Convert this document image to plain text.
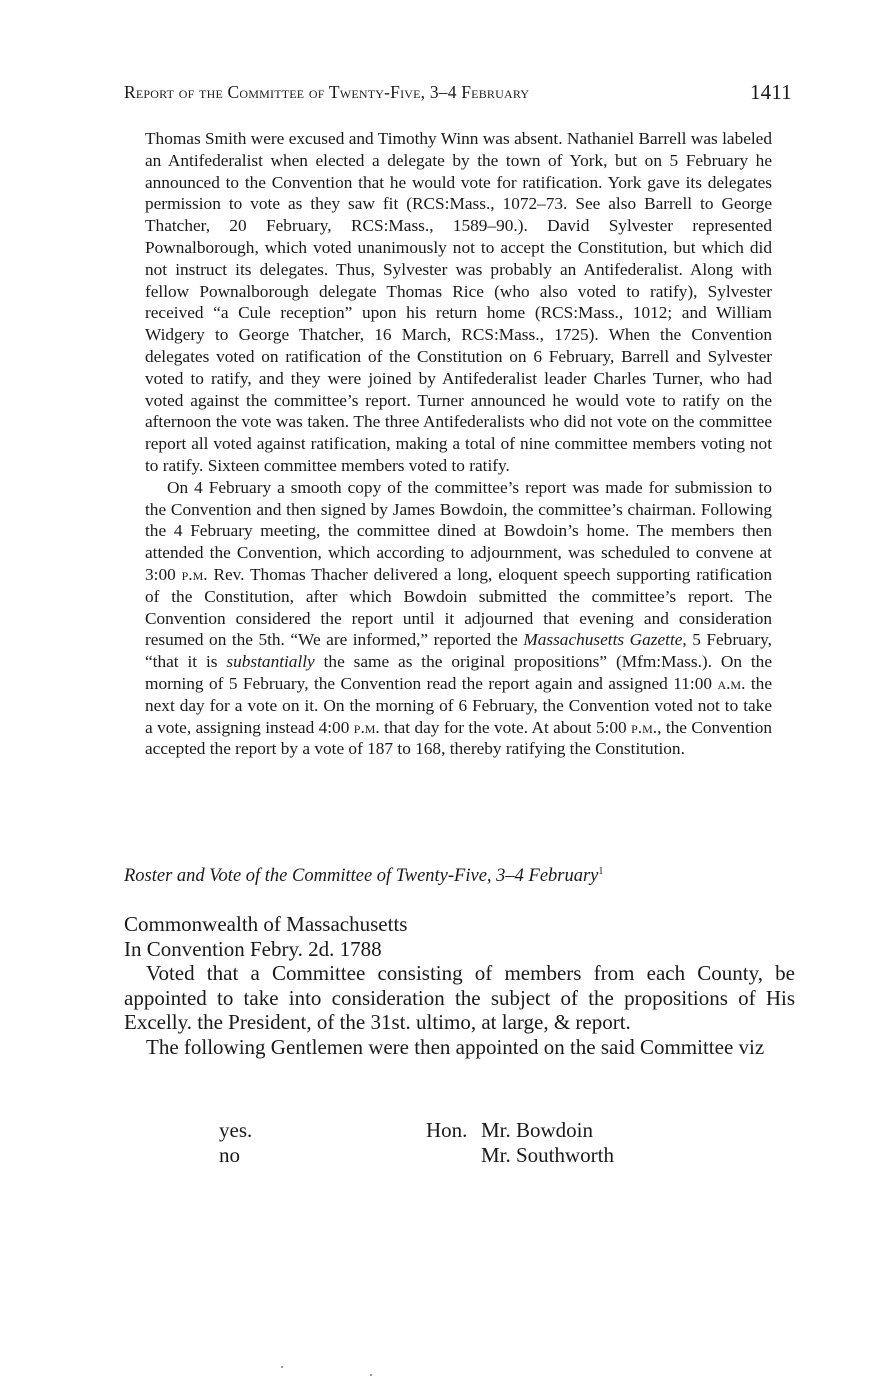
Report of the Committee of Twenty-Five, 3–4 February	1411

Thomas Smith were excused and Timothy Winn was absent. Nathaniel Barrell was labeled an Antifederalist when elected a delegate by the town of York, but on 5 February he announced to the Convention that he would vote for ratification. York gave its delegates permission to vote as they saw fit (RCS:Mass., 1072–73. See also Barrell to George Thatcher, 20 February, RCS:Mass., 1589–90.). David Sylvester represented Pownalborough, which voted unanimously not to accept the Constitution, but which did not instruct its delegates. Thus, Sylvester was probably an Antifederalist. Along with fellow Pownalborough delegate Thomas Rice (who also voted to ratify), Sylvester received “a Cule reception” upon his return home (RCS:Mass., 1012; and William Widgery to George Thatcher, 16 March, RCS:Mass., 1725). When the Convention delegates voted on ratification of the Constitution on 6 February, Barrell and Sylvester voted to ratify, and they were joined by Antifederalist leader Charles Turner, who had voted against the committee’s report. Turner announced he would vote to ratify on the afternoon the vote was taken. The three Antifederalists who did not vote on the committee report all voted against ratification, making a total of nine committee members voting not to ratify. Sixteen committee members voted to ratify.

On 4 February a smooth copy of the committee’s report was made for submission to the Convention and then signed by James Bowdoin, the committee’s chairman. Following the 4 February meeting, the committee dined at Bowdoin’s home. The members then attended the Convention, which according to adjournment, was scheduled to convene at 3:00 p.m. Rev. Thomas Thacher delivered a long, eloquent speech supporting ratification of the Constitution, after which Bowdoin submitted the committee’s report. The Convention considered the report until it adjourned that evening and consideration resumed on the 5th. “We are informed,” reported the Massachusetts Gazette, 5 February, “that it is substantially the same as the original propositions” (Mfm:Mass.). On the morning of 5 February, the Convention read the report again and assigned 11:00 a.m. the next day for a vote on it. On the morning of 6 February, the Convention voted not to take a vote, assigning instead 4:00 p.m. that day for the vote. At about 5:00 p.m., the Convention accepted the report by a vote of 187 to 168, thereby ratifying the Constitution.

Roster and Vote of the Committee of Twenty-Five, 3–4 February$^1$
Commonwealth of Massachusetts
In Convention Febry. 2d. 1788

Voted that a Committee consisting of members from each County, be appointed to take into consideration the subject of the propositions of His Excelly. the President, of the 31st. ultimo, at large, & report.

The following Gentlemen were then appointed on the said Committee viz

yes.	Hon. Mr. Bowdoin
no	Mr. Southworth
